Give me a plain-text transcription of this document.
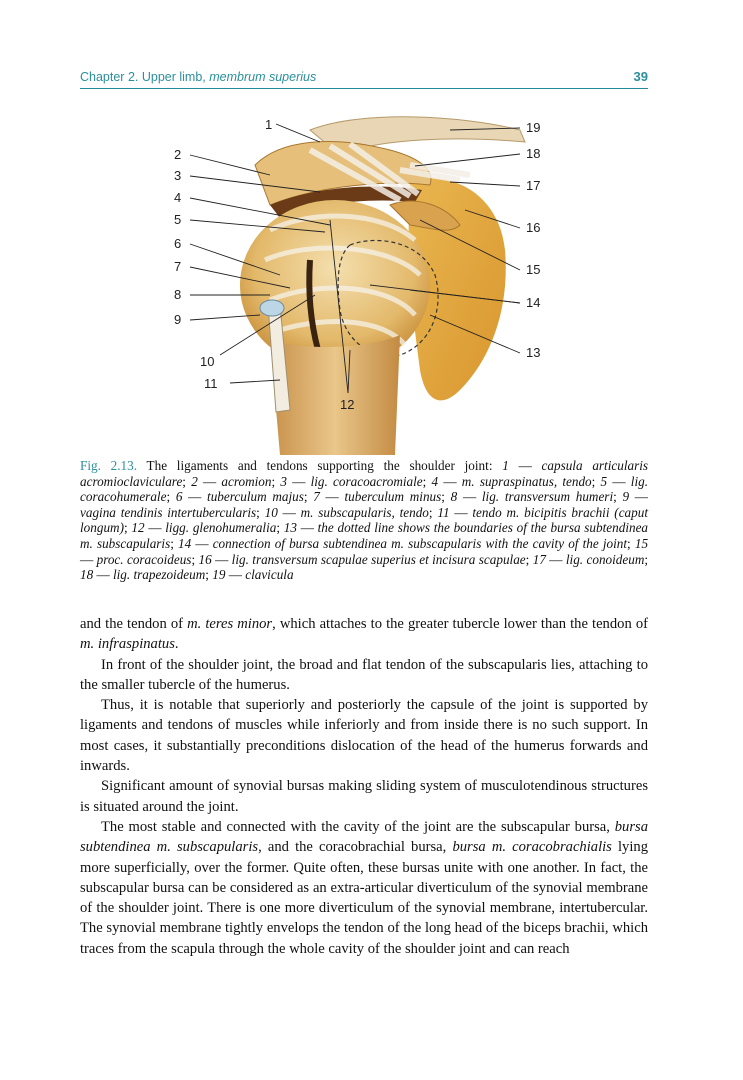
Chapter 2. Upper limb, membrum superius	39
1
2
3
4
5
6
7
8
9
10
11
12
13
14
15
16
17
18
19
Fig. 2.13. The ligaments and tendons supporting the shoulder joint: 1 — capsula articularis acromioclaviculare; 2 — acromion; 3 — lig. coracoacromiale; 4 — m. supraspinatus, tendo; 5 — lig. coracohumerale; 6 — tuberculum majus; 7 — tuberculum minus; 8 — lig. transversum humeri; 9 — vagina tendinis intertubercularis; 10 — m. subscapularis, tendo; 11 — tendo m. bicipitis brachii (caput longum); 12 — ligg. glenohumeralia; 13 — the dotted line shows the boundaries of the bursa subtendinea m. subscapularis; 14 — connection of bursa subtendinea m. subscapularis with the cavity of the joint; 15 — proc. coracoideus; 16 — lig. transversum scapulae superius et incisura scapulae; 17 — lig. conoideum; 18 — lig. trapezoideum; 19 — clavicula

and the tendon of m. teres minor, which attaches to the greater tubercle lower than the tendon of m. infraspinatus.

In front of the shoulder joint, the broad and flat tendon of the subscapularis lies, attaching to the smaller tubercle of the humerus.

Thus, it is notable that superiorly and posteriorly the capsule of the joint is supported by ligaments and tendons of muscles while inferiorly and from inside there is no such support. In most cases, it substantially preconditions dislocation of the head of the humerus forwards and inwards.

Significant amount of synovial bursas making sliding system of musculotendinous structures is situated around the joint.

The most stable and connected with the cavity of the joint are the subscapular bursa, bursa subtendinea m. subscapularis, and the coracobrachial bursa, bursa m. coracobrachialis lying more superficially, over the former. Quite often, these bursas unite with one another. In fact, the subscapular bursa can be considered as an extra-articular diverticulum of the synovial membrane of the shoulder joint. There is one more diverticulum of the synovial membrane, intertubercular. The synovial membrane tightly envelops the tendon of the long head of the biceps brachii, which traces from the scapula through the whole cavity of the shoulder joint and can reach
